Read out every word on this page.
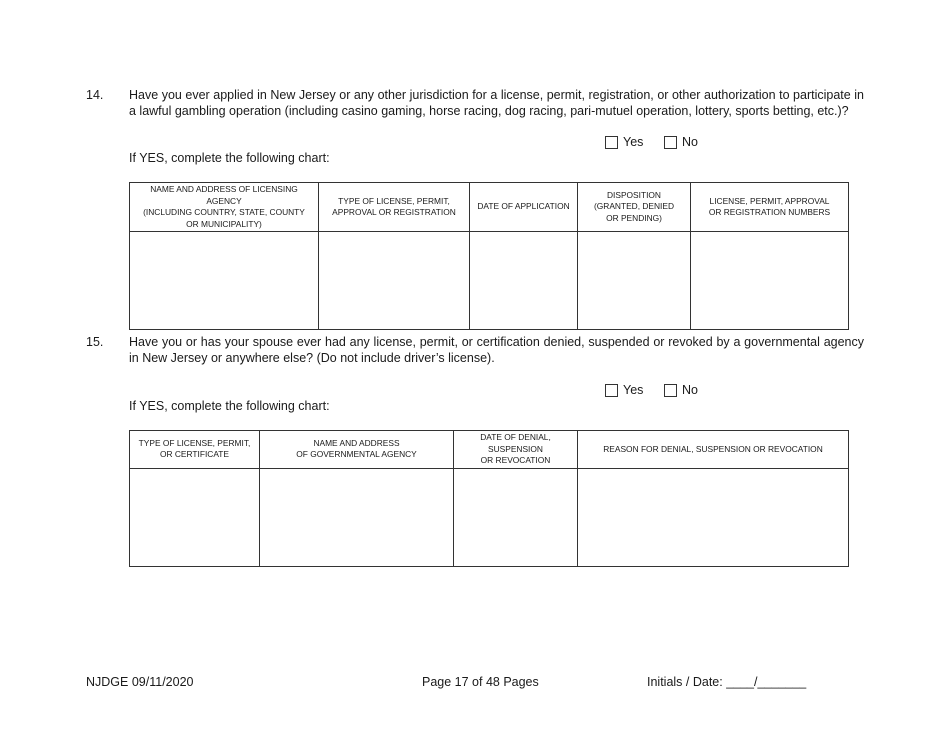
14. Have you ever applied in New Jersey or any other jurisdiction for a license, permit, registration, or other authorization to participate in a lawful gambling operation (including casino gaming, horse racing, dog racing, pari-mutuel operation, lottery, sports betting, etc.)?
Yes	No
If YES, complete the following chart:
NAME AND ADDRESS OF LICENSING AGENCY
(INCLUDING COUNTRY, STATE, COUNTY
OR MUNICIPALITY)	TYPE OF LICENSE, PERMIT,
APPROVAL OR REGISTRATION	DATE OF APPLICATION	DISPOSITION
(GRANTED, DENIED
OR PENDING)	LICENSE, PERMIT, APPROVAL
OR REGISTRATION NUMBERS

15. Have you or has your spouse ever had any license, permit, or certification denied, suspended or revoked by a governmental agency in New Jersey or anywhere else? (Do not include driver’s license).
Yes	No
If YES, complete the following chart:
TYPE OF LICENSE, PERMIT,
OR CERTIFICATE	NAME AND ADDRESS
OF GOVERNMENTAL AGENCY	DATE OF DENIAL,
SUSPENSION
OR REVOCATION	REASON FOR DENIAL, SUSPENSION OR REVOCATION

NJDGE 09/11/2020	Page 17 of 48 Pages	Initials / Date: ____/_______
